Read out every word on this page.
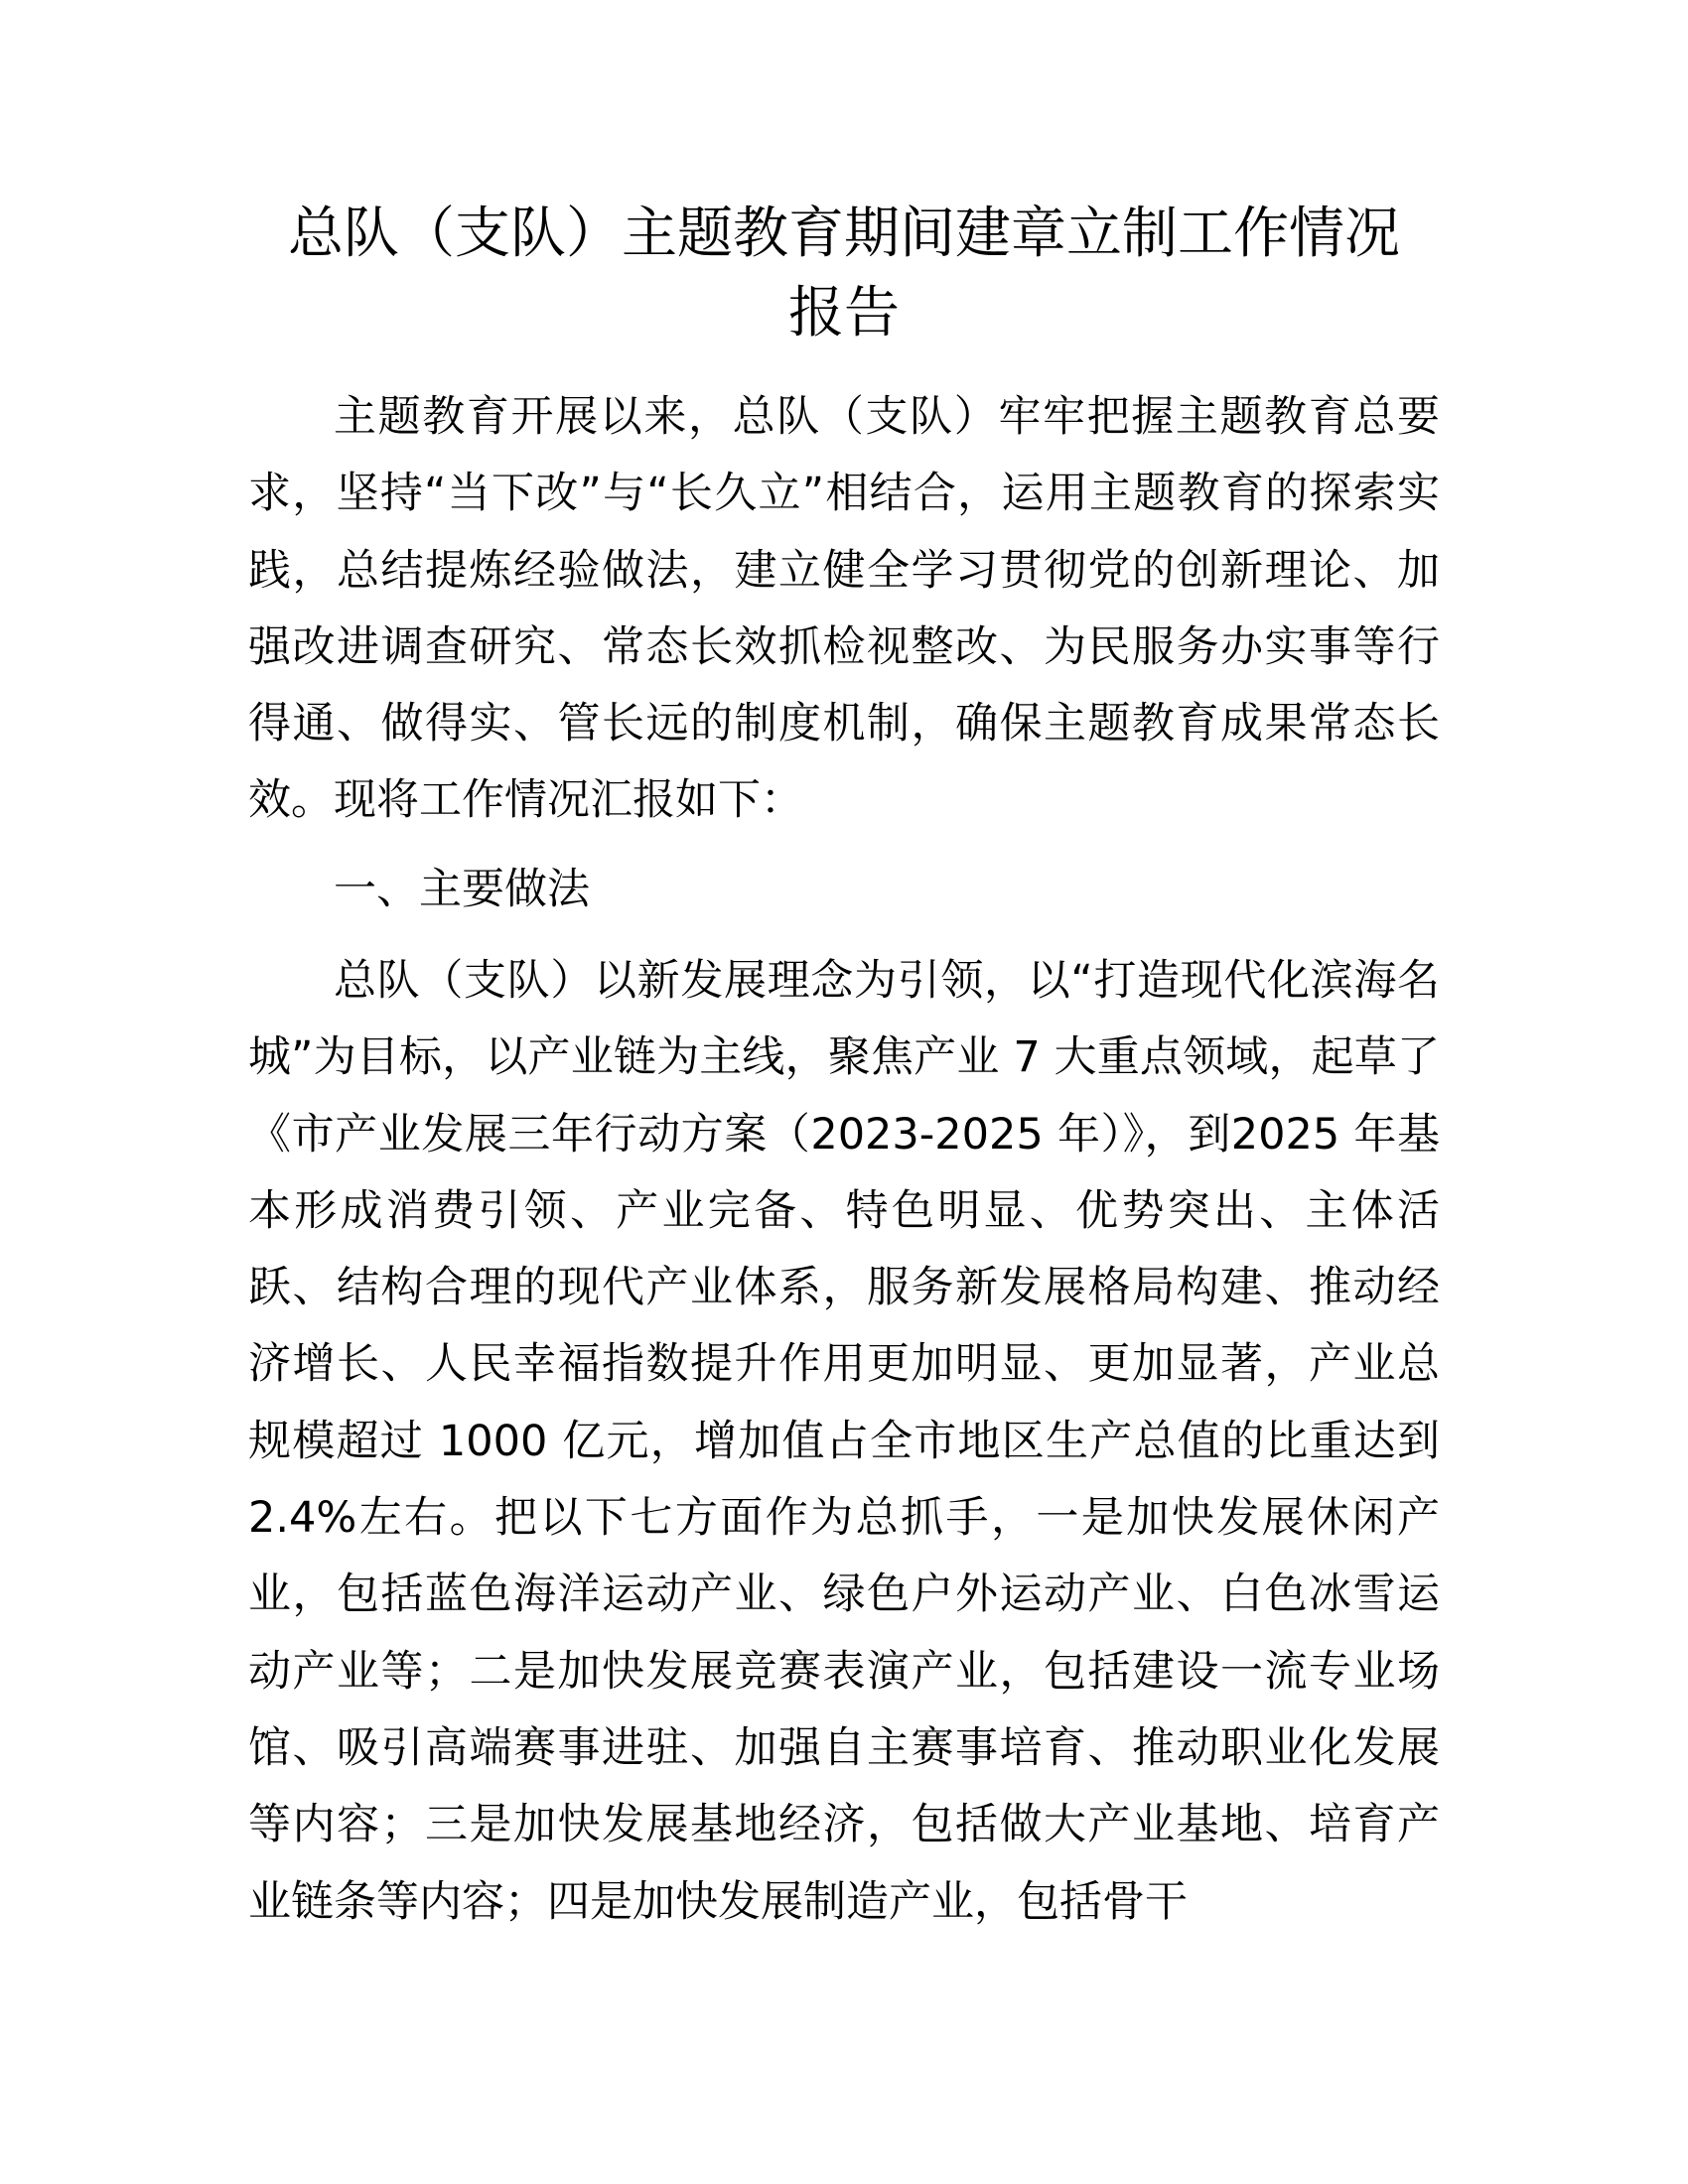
总队（支队）主题教育期间建章立制工作情况
报告

主题教育开展以来，总队（支队）牢牢把握主题教育总要求，坚持“当下改”与“长久立”相结合，运用主题教育的探索实践，总结提炼经验做法，建立健全学习贯彻党的创新理论、加强改进调查研究、常态长效抓检视整改、为民服务办实事等行得通、做得实、管长远的制度机制，确保主题教育成果常态长效。现将工作情况汇报如下：

一、主要做法

总队（支队）以新发展理念为引领，以“打造现代化滨海名城”为目标，以产业链为主线，聚焦产业 7 大重点领域，起草了《市产业发展三年行动方案（2023-2025 年）》，到2025 年基本形成消费引领、产业完备、特色明显、优势突出、主体活跃、结构合理的现代产业体系，服务新发展格局构建、推动经济增长、人民幸福指数提升作用更加明显、更加显著，产业总规模超过 1000 亿元，增加值占全市地区生产总值的比重达到 2.4%左右。把以下七方面作为总抓手，一是加快发展休闲产业，包括蓝色海洋运动产业、绿色户外运动产业、白色冰雪运动产业等；二是加快发展竞赛表演产业，包括建设一流专业场馆、吸引高端赛事进驻、加强自主赛事培育、推动职业化发展等内容；三是加快发展基地经济，包括做大产业基地、培育产业链条等内容；四是加快发展制造产业，包括骨干
